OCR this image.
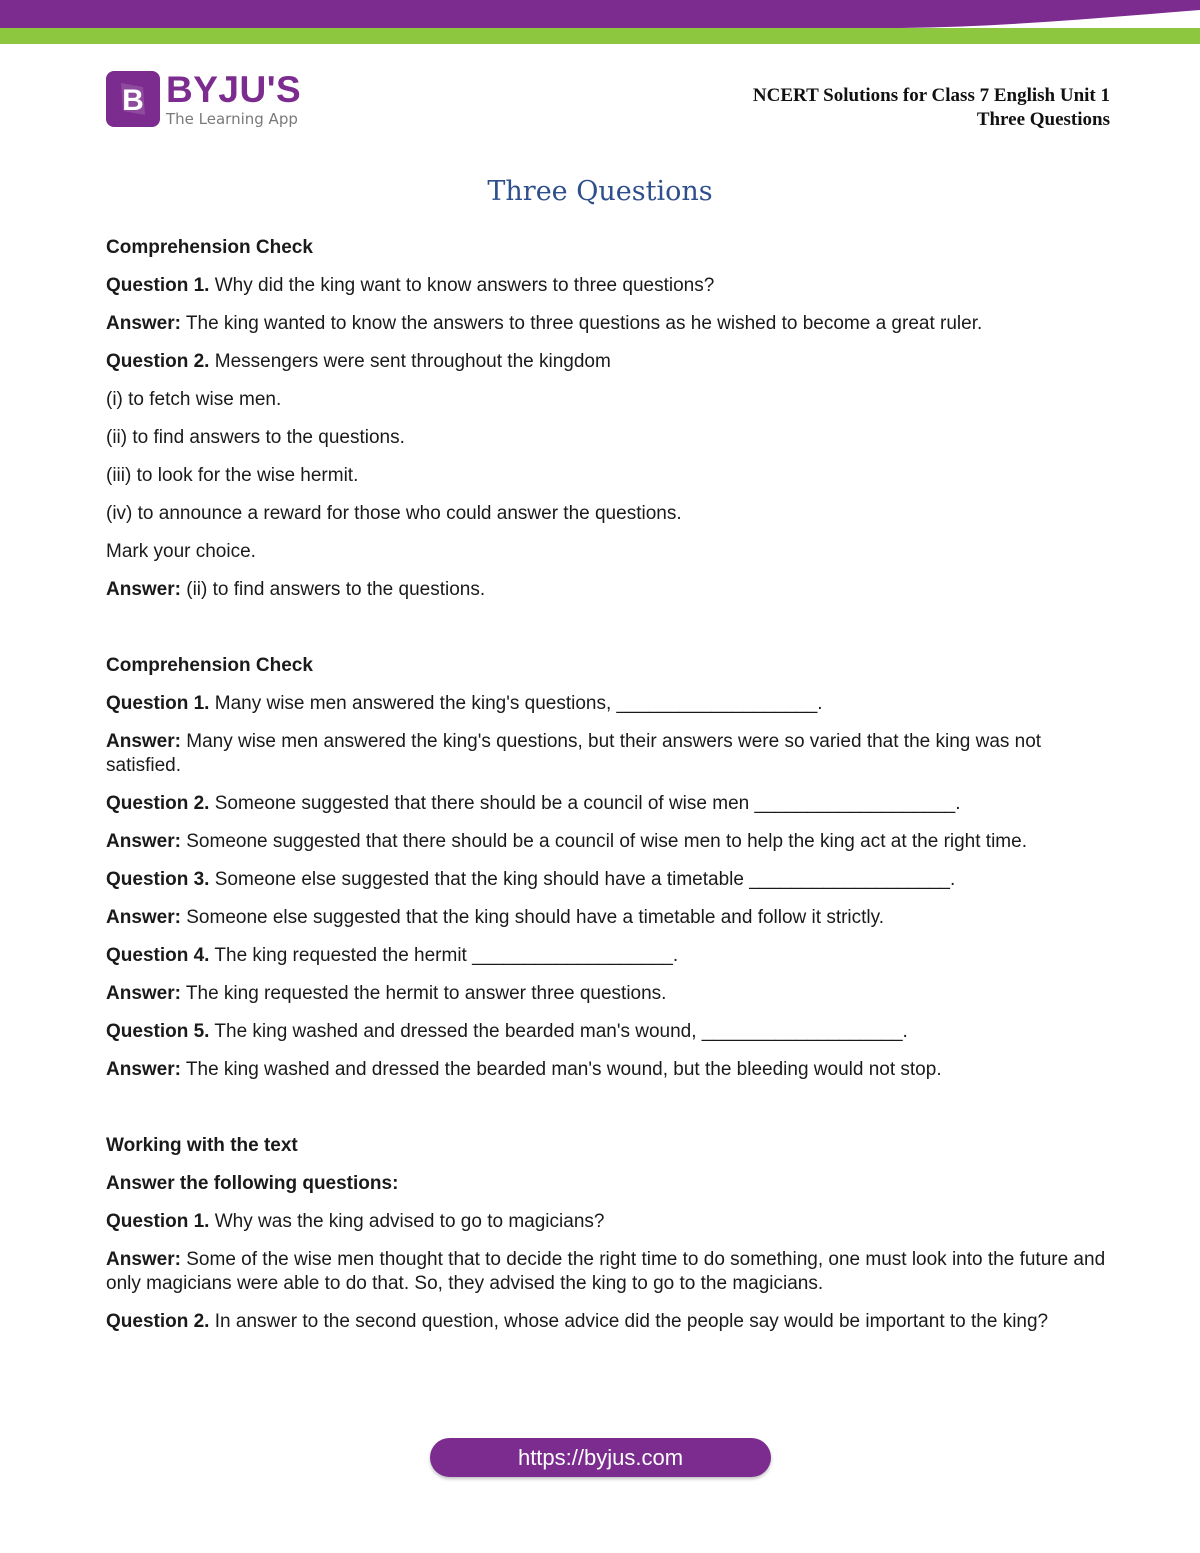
B BYJU'S
The Learning App
NCERT Solutions for Class 7 English Unit 1
Three Questions
Three Questions

Comprehension Check

Question 1. Why did the king want to know answers to three questions?

Answer: The king wanted to know the answers to three questions as he wished to become a great ruler.

Question 2. Messengers were sent throughout the kingdom

(i) to fetch wise men.

(ii) to find answers to the questions.

(iii) to look for the wise hermit.

(iv) to announce a reward for those who could answer the questions.

Mark your choice.

Answer: (ii) to find answers to the questions.

Comprehension Check

Question 1. Many wise men answered the king's questions, ___________________.

Answer: Many wise men answered the king's questions, but their answers were so varied that the king was not satisfied.

Question 2. Someone suggested that there should be a council of wise men ___________________.

Answer: Someone suggested that there should be a council of wise men to help the king act at the right time.

Question 3. Someone else suggested that the king should have a timetable ___________________.

Answer: Someone else suggested that the king should have a timetable and follow it strictly.

Question 4. The king requested the hermit ___________________.

Answer: The king requested the hermit to answer three questions.

Question 5. The king washed and dressed the bearded man's wound, ___________________.

Answer: The king washed and dressed the bearded man's wound, but the bleeding would not stop.

Working with the text

Answer the following questions:

Question 1. Why was the king advised to go to magicians?

Answer: Some of the wise men thought that to decide the right time to do something, one must look into the future and only magicians were able to do that. So, they advised the king to go to the magicians.

Question 2. In answer to the second question, whose advice did the people say would be important to the king?

https://byjus.com
